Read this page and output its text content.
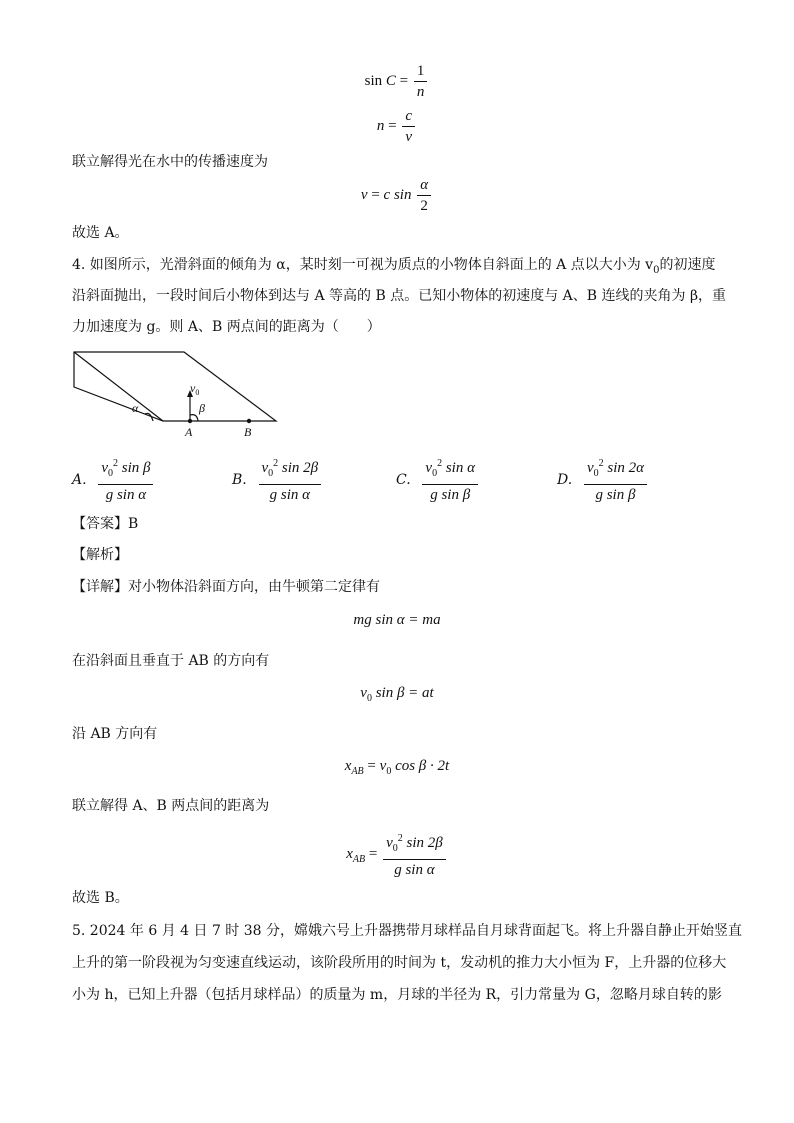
$\sin C = \frac{1}{n}$
$n = \frac{c}{v}$
联立解得光在水中的传播速度为
v = c $\sin \frac{\alpha}{2}$
故选 A。
4. 如图所示，光滑斜面的倾角为 α，某时刻一可视为质点的小物体自斜面上的 A 点以大小为 $v_0$的初速度
沿斜面抛出，一段时间后小物体到达与 A 等高的 B 点。已知小物体的初速度与 A、B 连线的夹角为 β，重
力加速度为 g。则 A、B 两点间的距离为（　　）
α
$v_0$
β
A	B
A. $\frac{v_0^2 \sin \beta}{\text{g sin α}}$	B. $\frac{v_0^2 \sin 2\beta}{\text{g sin α}}$	C. $\frac{v_0^2 \sin \alpha}{\text{g sin β}}$	D. $\frac{v_0^2 \sin 2\alpha}{\text{g sin β}}$
【答案】B
【解析】
【详解】对小物体沿斜面方向，由牛顿第二定律有
mg sin α = ma
在沿斜面且垂直于 AB 的方向有
$v_0$ sin β = at
沿 AB 方向有
$x_{AB} = v_0$ cos β · 2t
联立解得 A、B 两点间的距离为
$x_{AB} = \frac{v_0^2 \sin 2\beta}{\text{g sin α}}$
故选 B。
5. 2024 年 6 月 4 日 7 时 38 分，嫦娥六号上升器携带月球样品自月球背面起飞。将上升器自静止开始竖直
上升的第一阶段视为匀变速直线运动，该阶段所用的时间为 t，发动机的推力大小恒为 F，上升器的位移大
小为 h，已知上升器（包括月球样品）的质量为 m，月球的半径为 R，引力常量为 G，忽略月球自转的影
